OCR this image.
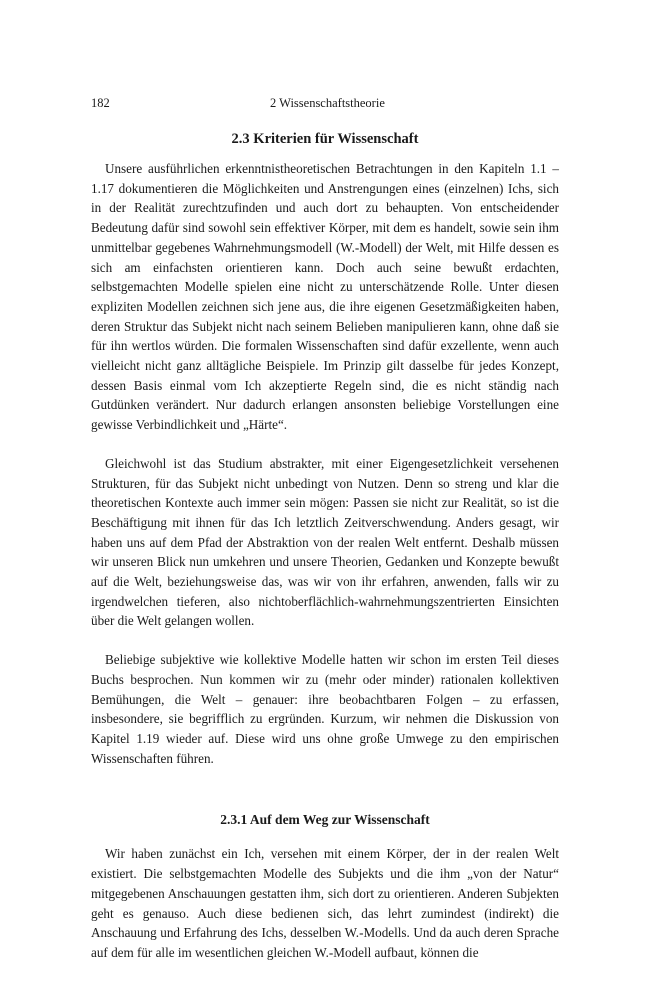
182	2 Wissenschaftstheorie
2.3 Kriterien für Wissenschaft

Unsere ausführlichen erkenntnistheoretischen Betrachtungen in den Kapiteln 1.1 – 1.17 dokumentieren die Möglichkeiten und Anstrengungen eines (einzelnen) Ichs, sich in der Realität zurechtzufinden und auch dort zu behaupten. Von entscheidender Bedeutung dafür sind sowohl sein effektiver Körper, mit dem es handelt, sowie sein ihm unmittelbar gegebenes Wahrnehmungsmodell (W.-Modell) der Welt, mit Hilfe dessen es sich am einfachsten orientieren kann. Doch auch seine bewußt erdachten, selbstgemachten Modelle spielen eine nicht zu unterschätzende Rolle. Unter diesen expliziten Modellen zeichnen sich jene aus, die ihre eigenen Gesetzmäßigkeiten haben, deren Struktur das Subjekt nicht nach seinem Belieben manipulieren kann, ohne daß sie für ihn wertlos würden. Die formalen Wissenschaften sind dafür exzellente, wenn auch vielleicht nicht ganz alltägliche Beispiele. Im Prinzip gilt dasselbe für jedes Konzept, dessen Basis einmal vom Ich akzeptierte Regeln sind, die es nicht ständig nach Gutdünken verändert. Nur dadurch erlangen ansonsten beliebige Vorstellungen eine gewisse Verbindlichkeit und „Härte“.

Gleichwohl ist das Studium abstrakter, mit einer Eigengesetzlichkeit versehenen Strukturen, für das Subjekt nicht unbedingt von Nutzen. Denn so streng und klar die theoretischen Kontexte auch immer sein mögen: Passen sie nicht zur Realität, so ist die Beschäftigung mit ihnen für das Ich letztlich Zeitverschwendung. Anders gesagt, wir haben uns auf dem Pfad der Abstraktion von der realen Welt entfernt. Deshalb müssen wir unseren Blick nun umkehren und unsere Theorien, Gedanken und Konzepte bewußt auf die Welt, beziehungsweise das, was wir von ihr erfahren, anwenden, falls wir zu irgendwelchen tieferen, also nichtoberflächlich-wahrnehmungszentrierten Einsichten über die Welt gelangen wollen.

Beliebige subjektive wie kollektive Modelle hatten wir schon im ersten Teil dieses Buchs besprochen. Nun kommen wir zu (mehr oder minder) rationalen kollektiven Bemühungen, die Welt – genauer: ihre beobachtbaren Folgen – zu erfassen, insbesondere, sie begrifflich zu ergründen. Kurzum, wir nehmen die Diskussion von Kapitel 1.19 wieder auf. Diese wird uns ohne große Umwege zu den empirischen Wissenschaften führen.

2.3.1 Auf dem Weg zur Wissenschaft

Wir haben zunächst ein Ich, versehen mit einem Körper, der in der realen Welt existiert. Die selbstgemachten Modelle des Subjekts und die ihm „von der Natur“ mitgegebenen Anschauungen gestatten ihm, sich dort zu orientieren. Anderen Subjekten geht es genauso. Auch diese bedienen sich, das lehrt zumindest (indirekt) die Anschauung und Erfahrung des Ichs, desselben W.-Modells. Und da auch deren Sprache auf dem für alle im wesentlichen gleichen W.-Modell aufbaut, können die
